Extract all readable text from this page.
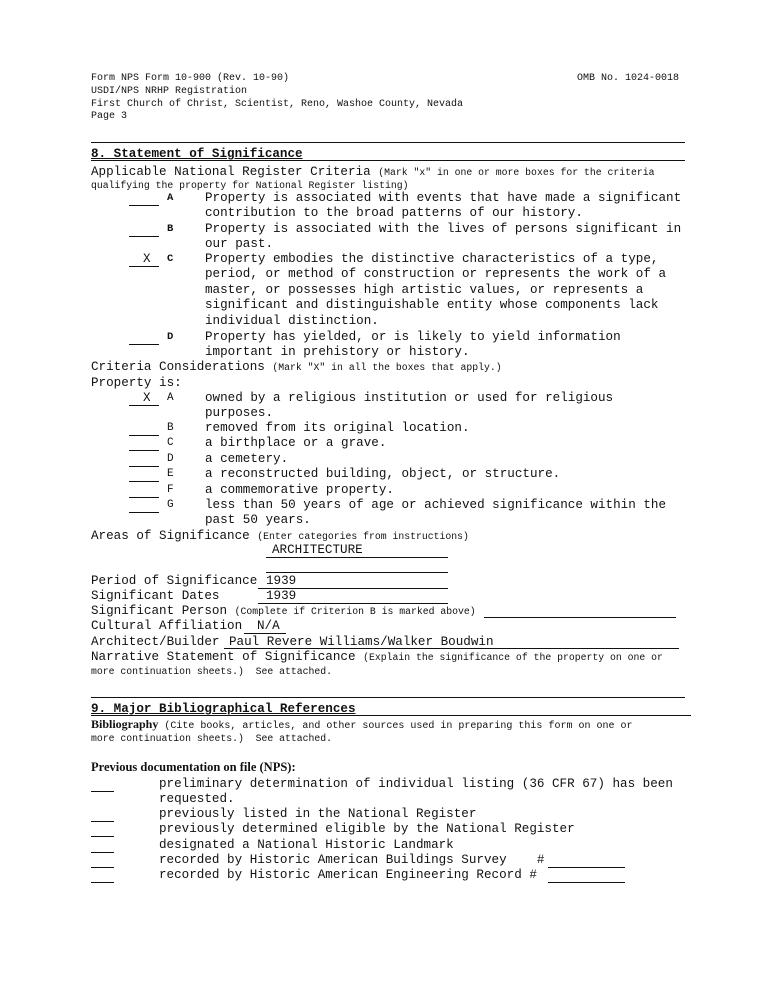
Form NPS Form 10-900 (Rev. 10-90)
USDI/NPS NRHP Registration
First Church of Christ, Scientist, Reno, Washoe County, Nevada
Page 3
OMB No. 1024-0018
8. Statement of Significance
Applicable National Register Criteria (Mark "x" in one or more boxes for the criteria
qualifying the property for National Register listing)
A	Property is associated with events that have made a significant
contribution to the broad patterns of our history.
B	Property is associated with the lives of persons significant in
our past.
X C	Property embodies the distinctive characteristics of a type,
period, or method of construction or represents the work of a
master, or possesses high artistic values, or represents a
significant and distinguishable entity whose components lack
individual distinction.
D	Property has yielded, or is likely to yield information
important in prehistory or history.
Criteria Considerations (Mark "X" in all the boxes that apply.)
Property is:
X A owned by a religious institution or used for religious
purposes.
B removed from its original location.
C a birthplace or a grave.
D a cemetery.
E a reconstructed building, object, or structure.
F a commemorative property.
G less than 50 years of age or achieved significance within the
past 50 years.
Areas of Significance (Enter categories from instructions)
ARCHITECTURE
Period of Significance 1939
Significant Dates	1939
Significant Person (Complete if Criterion B is marked above)
Cultural Affiliation N/A
Architect/Builder Paul Revere Williams/Walker Boudwin
Narrative Statement of Significance (Explain the significance of the property on one or
more continuation sheets.)  See attached.
9. Major Bibliographical References
Bibliography (Cite books, articles, and other sources used in preparing this form on one or
more continuation sheets.)  See attached.
Previous documentation on file (NPS):
preliminary determination of individual listing (36 CFR 67) has been
requested.
previously listed in the National Register
previously determined eligible by the National Register
designated a National Historic Landmark
recorded by Historic American Buildings Survey    #
recorded by Historic American Engineering Record #
